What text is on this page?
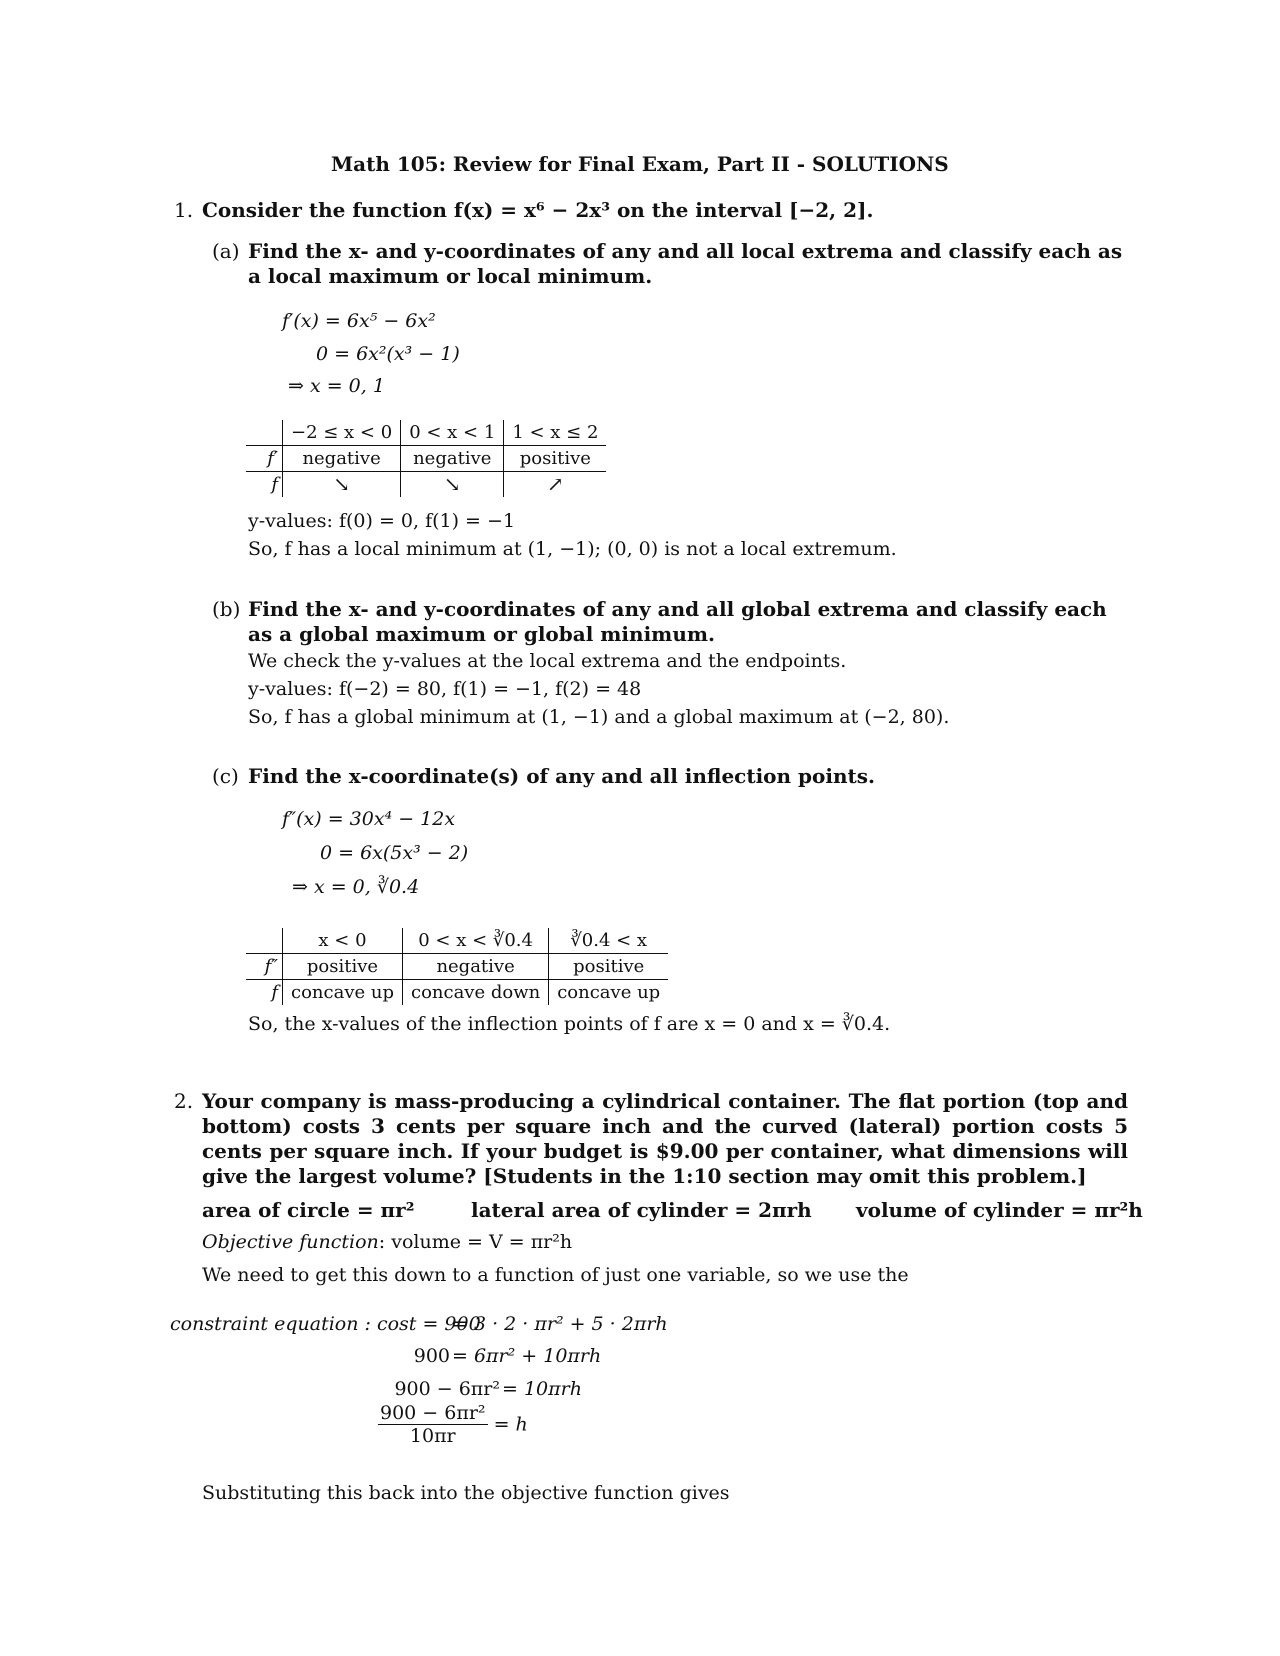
Math 105: Review for Final Exam, Part II - SOLUTIONS
1. Consider the function f(x) = x⁶ − 2x³ on the interval [−2, 2].
(a) Find the x- and y-coordinates of any and all local extrema and classify each as a local maximum or local minimum.
f′(x) = 6x⁵ − 6x²
0 = 6x²(x³ − 1)
⇒ x = 0, 1
	−2 ≤ x < 0	0 < x < 1	1 < x ≤ 2
f′	negative	negative	positive
f	↘	↘	↗
y-values: f(0) = 0, f(1) = −1
So, f has a local minimum at (1, −1); (0, 0) is not a local extremum.
(b) Find the x- and y-coordinates of any and all global extrema and classify each as a global maximum or global minimum.
We check the y-values at the local extrema and the endpoints.
y-values: f(−2) = 80, f(1) = −1, f(2) = 48
So, f has a global minimum at (1, −1) and a global maximum at (−2, 80).
(c) Find the x-coordinate(s) of any and all inflection points.
f″(x) = 30x⁴ − 12x
0 = 6x(5x³ − 2)
⇒ x = 0, ∛0.4
	x < 0	0 < x < ∛0.4	∛0.4 < x
f″	positive	negative	positive
f	concave up	concave down	concave up
So, the x-values of the inflection points of f are x = 0 and x = ∛0.4.
2. Your company is mass-producing a cylindrical container. The flat portion (top and bottom) costs 3 cents per square inch and the curved (lateral) portion costs 5 cents per square inch. If your budget is $9.00 per container, what dimensions will give the largest volume? [Students in the 1:10 section may omit this problem.]
area of circle = πr²	lateral area of cylinder = 2πrh volume of cylinder = πr²h
Objective function: volume = V = πr²h
We need to get this down to a function of just one variable, so we use the
constraint equation : cost = 900
= 3 · 2 · πr² + 5 · 2πrh
900 = 6πr² + 10πrh
900 − 6πr² = 10πrh
$\frac{\text{900 − 6πr²}}{10\pi r} = h$
Substituting this back into the objective function gives
